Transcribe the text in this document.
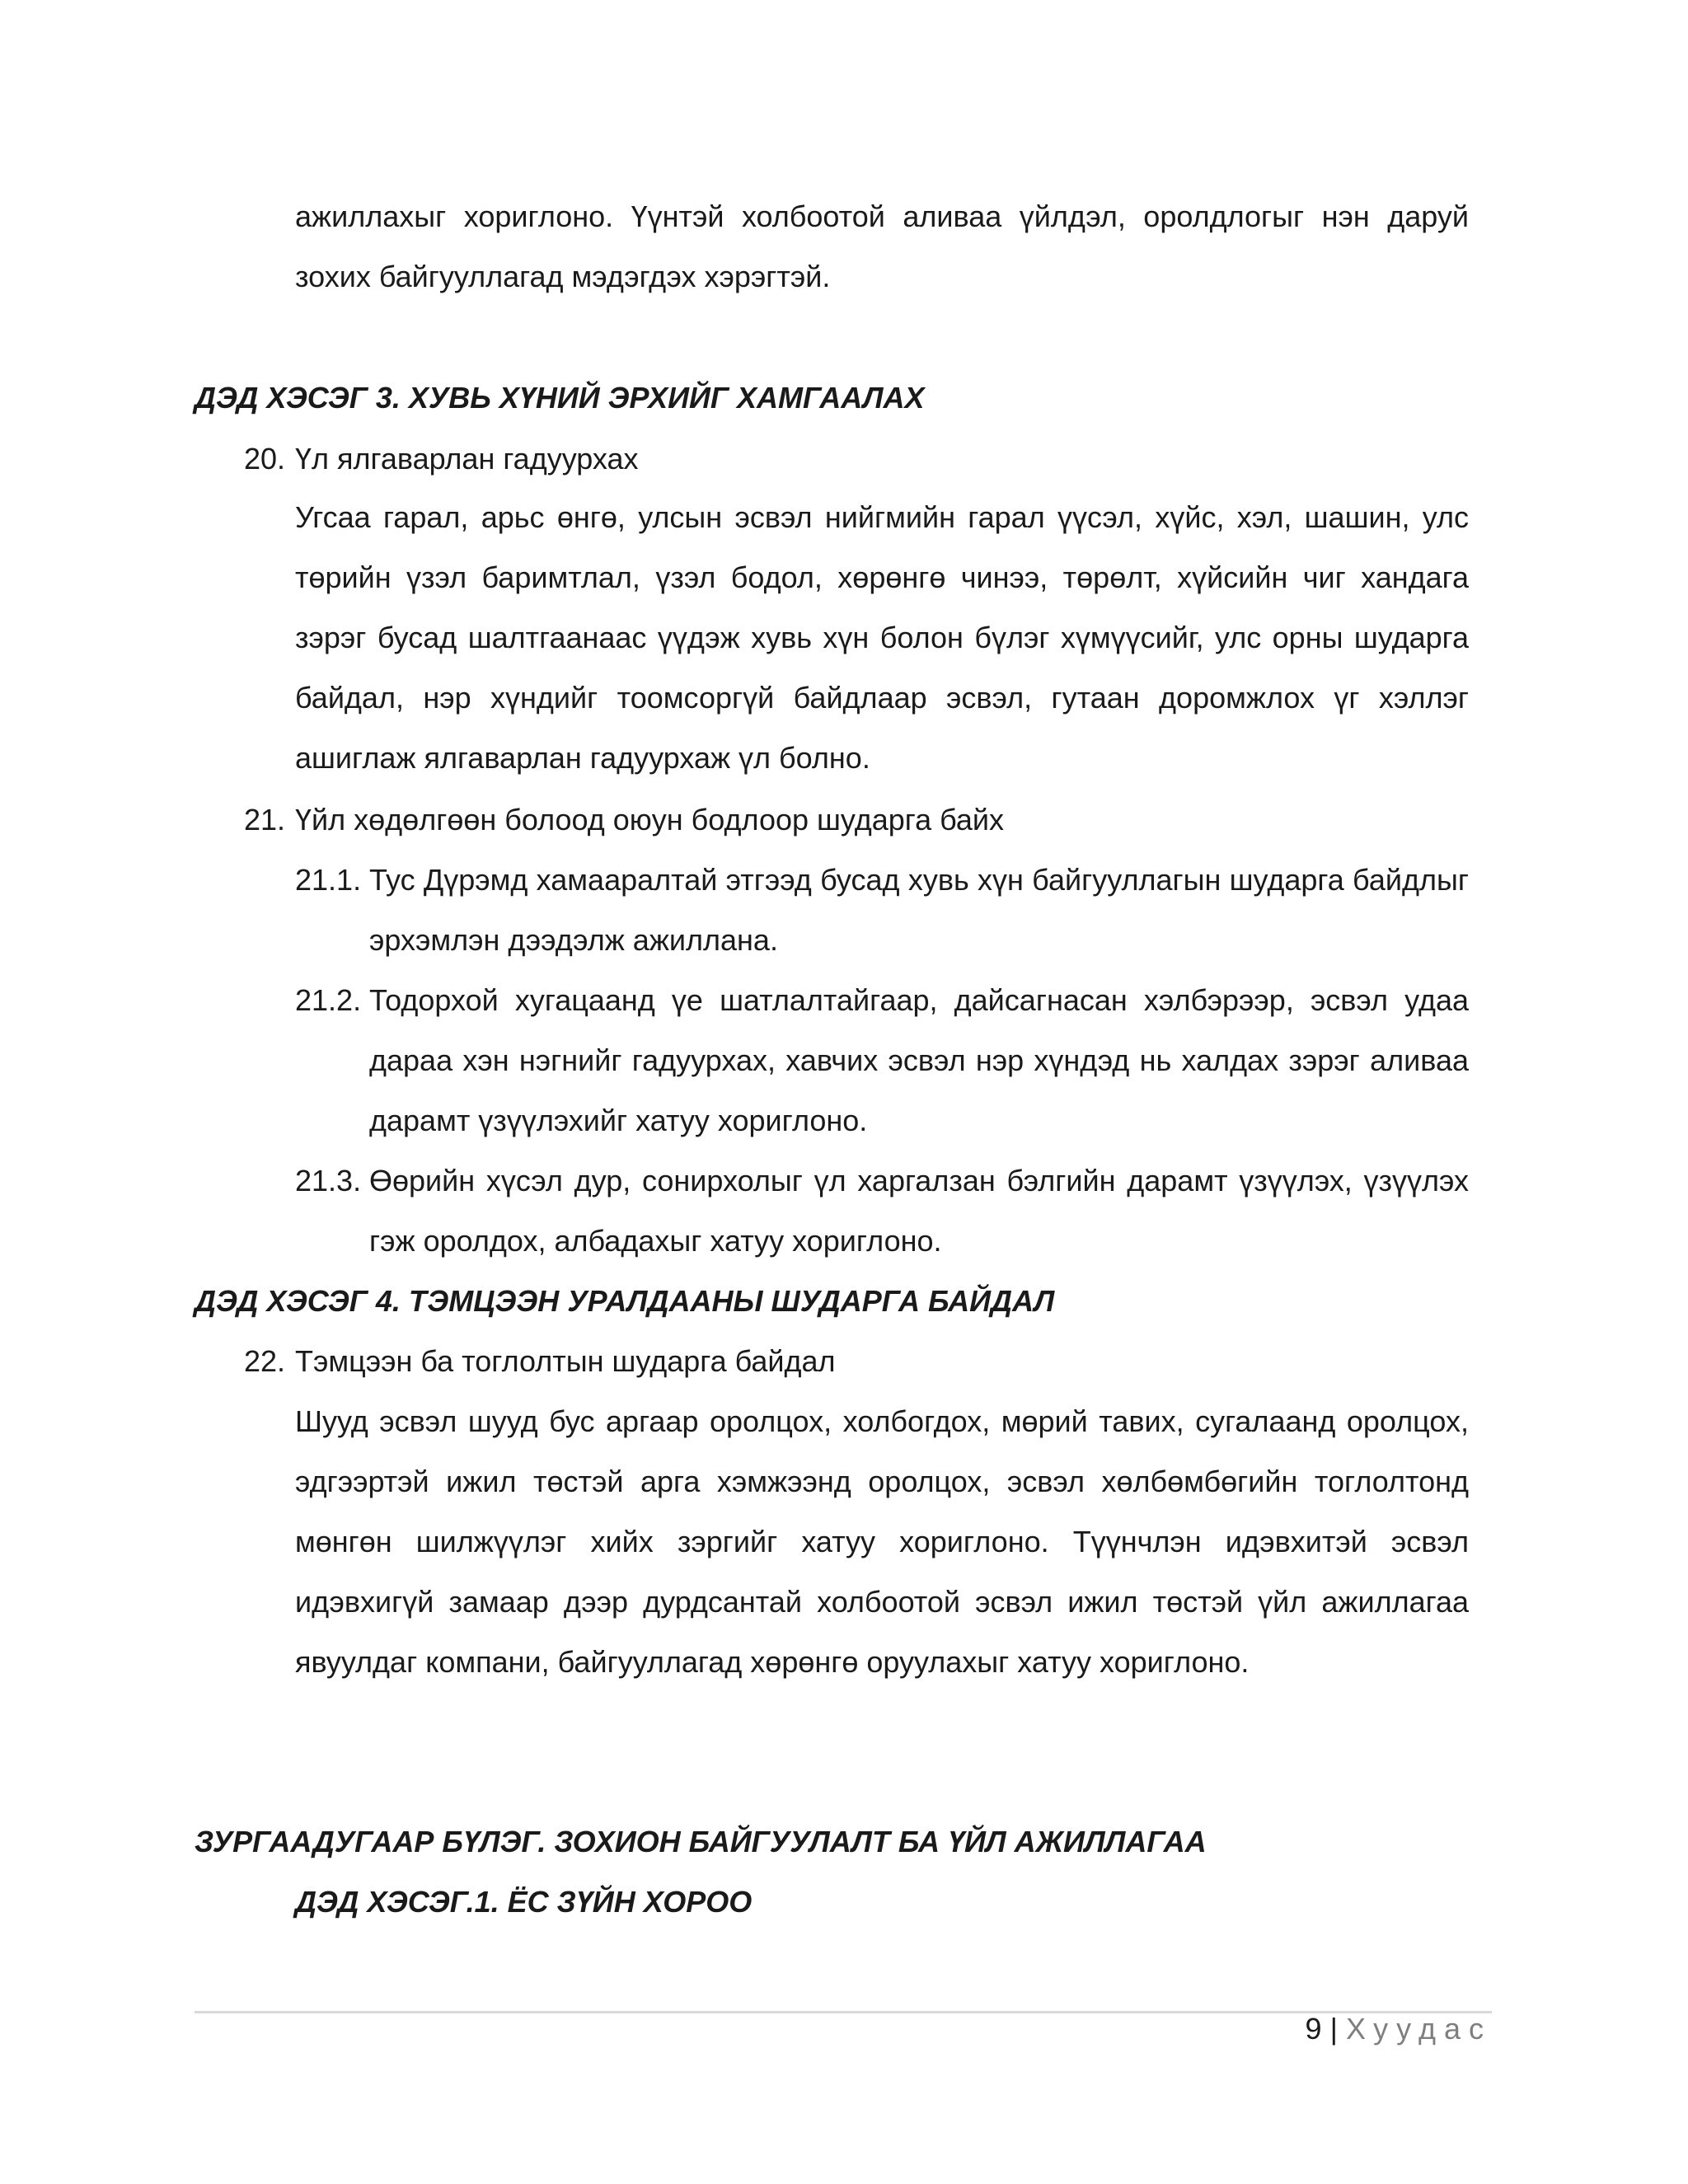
ажиллахыг хориглоно. Үүнтэй холбоотой аливаа үйлдэл, оролдлогыг нэн даруй зохих байгууллагад мэдэгдэх хэрэгтэй.

ДЭД ХЭСЭГ 3. ХУВЬ ХҮНИЙ ЭРХИЙГ ХАМГААЛАХ
20. Үл ялгаварлан гадуурхах

Угсаа гарал, арьс өнгө, улсын эсвэл нийгмийн гарал үүсэл, хүйс, хэл, шашин, улс төрийн үзэл баримтлал, үзэл бодол, хөрөнгө чинээ, төрөлт, хүйсийн чиг хандага зэрэг бусад шалтгаанаас үүдэж хувь хүн болон бүлэг хүмүүсийг, улс орны шударга байдал, нэр хүндийг тоомсоргүй байдлаар эсвэл, гутаан доромжлох үг хэллэг ашиглаж ялгаварлан гадуурхаж үл болно.

21. Үйл хөдөлгөөн болоод оюун бодлоор шударга байх

21.1. Тус Дүрэмд хамааралтай этгээд бусад хувь хүн байгууллагын шударга байдлыг эрхэмлэн дээдэлж ажиллана.

21.2. Тодорхой хугацаанд үе шатлалтайгаар, дайсагнасан хэлбэрээр, эсвэл удаа дараа хэн нэгнийг гадуурхах, хавчих эсвэл нэр хүндэд нь халдах зэрэг аливаа дарамт үзүүлэхийг хатуу хориглоно.

21.3. Өөрийн хүсэл дур, сонирхолыг үл харгалзан бэлгийн дарамт үзүүлэх, үзүүлэх гэж оролдох, албадахыг хатуу хориглоно.

ДЭД ХЭСЭГ 4. ТЭМЦЭЭН УРАЛДААНЫ ШУДАРГА БАЙДАЛ
22. Тэмцээн ба тоглолтын шударга байдал

Шууд эсвэл шууд бус аргаар оролцох, холбогдох, мөрий тавих, сугалаанд оролцох, эдгээртэй ижил төстэй арга хэмжээнд оролцох, эсвэл хөлбөмбөгийн тоглолтонд мөнгөн шилжүүлэг хийх зэргийг хатуу хориглоно. Түүнчлэн идэвхитэй эсвэл идэвхигүй замаар дээр дурдсантай холбоотой эсвэл ижил төстэй үйл ажиллагаа явуулдаг компани, байгууллагад хөрөнгө оруулахыг хатуу хориглоно.

ЗУРГААДУГААР БҮЛЭГ. ЗОХИОН БАЙГУУЛАЛТ БА ҮЙЛ АЖИЛЛАГАА
ДЭД ХЭСЭГ.1. ЁС ЗҮЙН ХОРОО
9 | Хуудас
